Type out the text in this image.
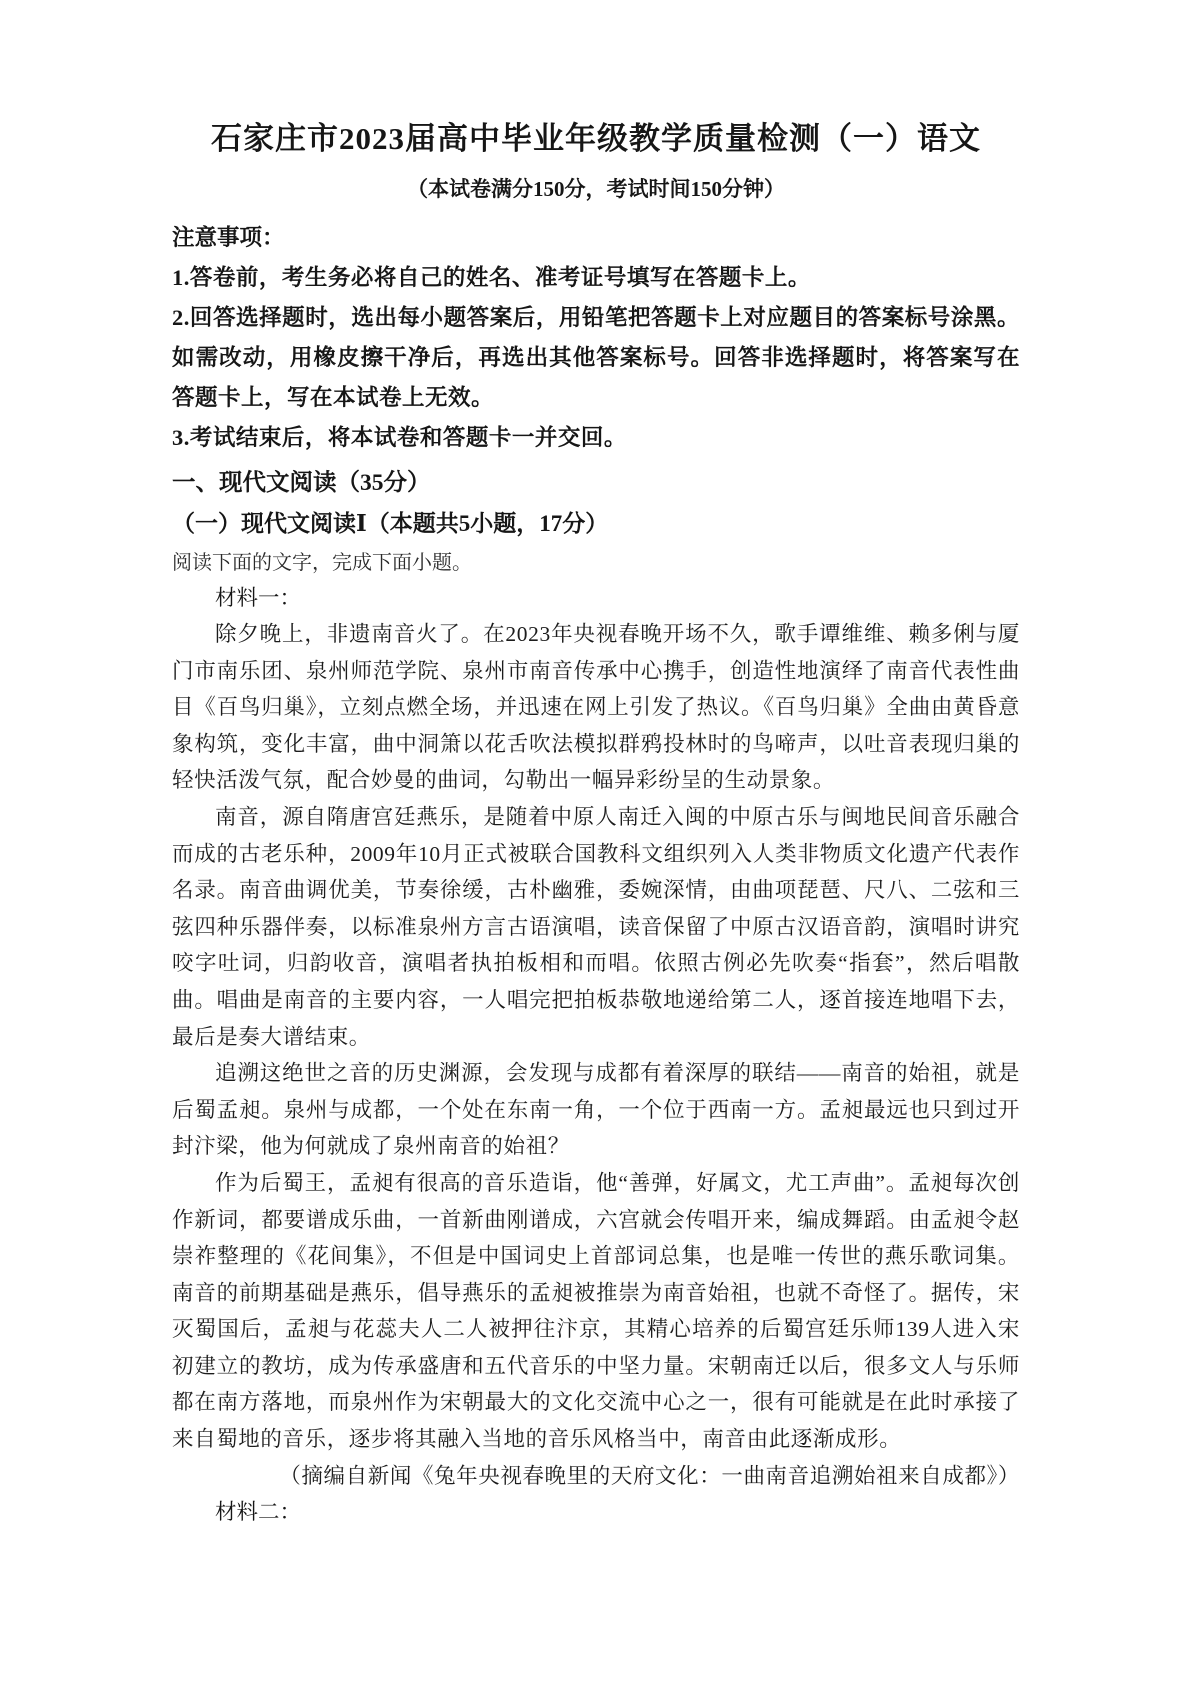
石家庄市2023届高中毕业年级教学质量检测（一）语文
（本试卷满分150分，考试时间150分钟）
注意事项：

1.答卷前，考生务必将自己的姓名、准考证号填写在答题卡上。

2.回答选择题时，选出每小题答案后，用铅笔把答题卡上对应题目的答案标号涂黑。如需改动，用橡皮擦干净后，再选出其他答案标号。回答非选择题时，将答案写在答题卡上，写在本试卷上无效。

3.考试结束后，将本试卷和答题卡一并交回。

一、现代文阅读（35分）
（一）现代文阅读Ⅰ（本题共5小题，17分）

阅读下面的文字，完成下面小题。

材料一：

除夕晚上，非遗南音火了。在2023年央视春晚开场不久，歌手谭维维、赖多俐与厦门市南乐团、泉州师范学院、泉州市南音传承中心携手，创造性地演绎了南音代表性曲目《百鸟归巢》，立刻点燃全场，并迅速在网上引发了热议。《百鸟归巢》全曲由黄昏意象构筑，变化丰富，曲中洞箫以花舌吹法模拟群鸦投林时的鸟啼声，以吐音表现归巢的轻快活泼气氛，配合妙曼的曲词，勾勒出一幅异彩纷呈的生动景象。

南音，源自隋唐宫廷燕乐，是随着中原人南迁入闽的中原古乐与闽地民间音乐融合而成的古老乐种，2009年10月正式被联合国教科文组织列入人类非物质文化遗产代表作名录。南音曲调优美，节奏徐缓，古朴幽雅，委婉深情，由曲项琵琶、尺八、二弦和三弦四种乐器伴奏，以标准泉州方言古语演唱，读音保留了中原古汉语音韵，演唱时讲究咬字吐词，归韵收音，演唱者执拍板相和而唱。依照古例必先吹奏“指套”，然后唱散曲。唱曲是南音的主要内容，一人唱完把拍板恭敬地递给第二人，逐首接连地唱下去，最后是奏大谱结束。

追溯这绝世之音的历史渊源，会发现与成都有着深厚的联结——南音的始祖，就是后蜀孟昶。泉州与成都，一个处在东南一角，一个位于西南一方。孟昶最远也只到过开封汴梁，他为何就成了泉州南音的始祖？

作为后蜀王，孟昶有很高的音乐造诣，他“善弹，好属文，尤工声曲”。孟昶每次创作新词，都要谱成乐曲，一首新曲刚谱成，六宫就会传唱开来，编成舞蹈。由孟昶令赵崇祚整理的《花间集》，不但是中国词史上首部词总集，也是唯一传世的燕乐歌词集。南音的前期基础是燕乐，倡导燕乐的孟昶被推崇为南音始祖，也就不奇怪了。据传，宋灭蜀国后，孟昶与花蕊夫人二人被押往汴京，其精心培养的后蜀宫廷乐师139人进入宋初建立的教坊，成为传承盛唐和五代音乐的中坚力量。宋朝南迁以后，很多文人与乐师都在南方落地，而泉州作为宋朝最大的文化交流中心之一，很有可能就是在此时承接了来自蜀地的音乐，逐步将其融入当地的音乐风格当中，南音由此逐渐成形。

（摘编自新闻《兔年央视春晚里的天府文化：一曲南音追溯始祖来自成都》）

材料二：
